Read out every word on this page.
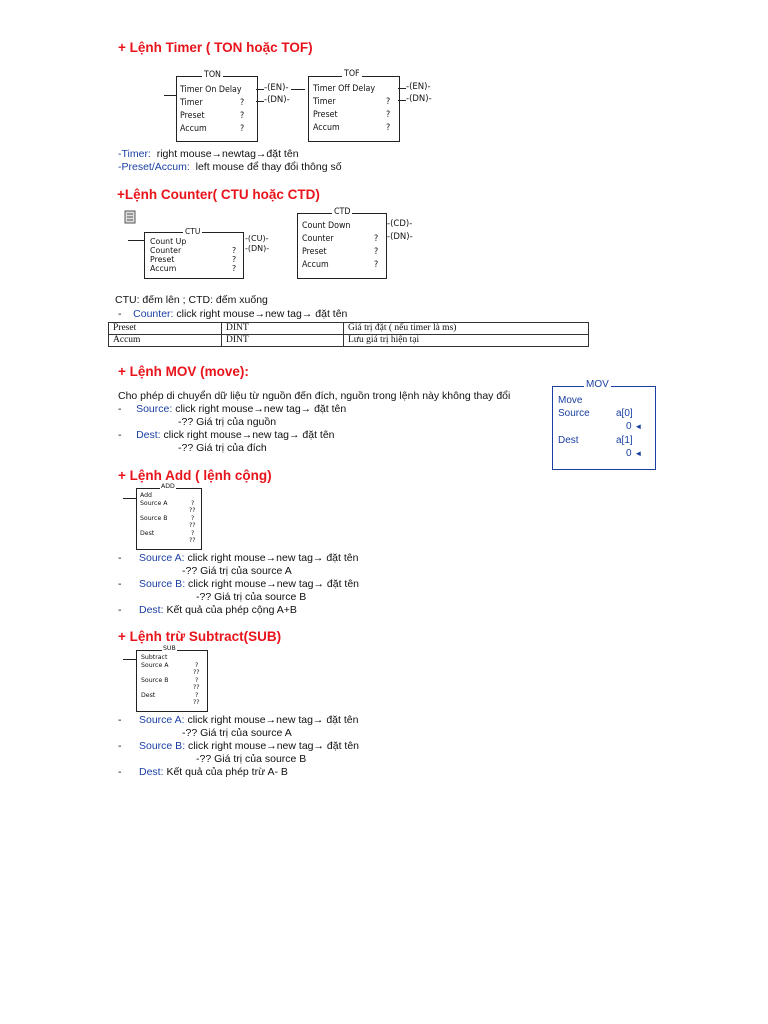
+ Lệnh Timer ( TON hoặc TOF)
TON
Timer On Delay
Timer	?
Preset	?
Accum	?
-(EN)-
-(DN)-
TOF
Timer Off Delay
Timer	?
Preset	?
Accum	?
-(EN)-
-(DN)-
-Timer: right mouse→newtag→đặt tên
-Preset/Accum: left mouse để thay đổi thông số
+Lệnh Counter( CTU hoặc CTD)
CTU
Count Up
Counter	?
Preset	?
Accum	?
-(CU)-
-(DN)-
CTD
Count Down
Counter	?
Preset	?
Accum	?
-(CD)-
-(DN)-
CTU: đếm lên ; CTD: đếm xuống
- Counter: click right mouse→new tag→ đặt tên
Preset	DINT	Giá trị đặt ( nếu timer là ms)
Accum	DINT	Lưu giá trị hiện tại
+ Lệnh MOV (move):
Cho phép di chuyển dữ liệu từ nguồn đến đích, nguồn trong lệnh này không thay đổi
-     Source: click right mouse→new tag→ đặt tên
-?? Giá trị của nguồn
-     Dest: click right mouse→new tag→ đặt tên
-?? Giá trị của đích
MOV
Move
Source	a[0]
0 ◄
Dest	a[1]
0 ◄
+ Lệnh Add ( lệnh cộng)
ADD
Add
Source A	?
??
Source B	?
??
Dest	?
??
-      Source A: click right mouse→new tag→ đặt tên
-?? Giá trị của source A
-      Source B: click right mouse→new tag→ đặt tên
-?? Giá trị của source B
-      Dest: Kết quả của phép cộng A+B
+ Lệnh trừ Subtract(SUB)
SUB
Subtract
Source A	?
??
Source B	?
??
Dest	?
??
-      Source A: click right mouse→new tag→ đặt tên
-?? Giá trị của source A
-      Source B: click right mouse→new tag→ đặt tên
-?? Giá trị của source B
-      Dest: Kết quả của phép trừ A- B
